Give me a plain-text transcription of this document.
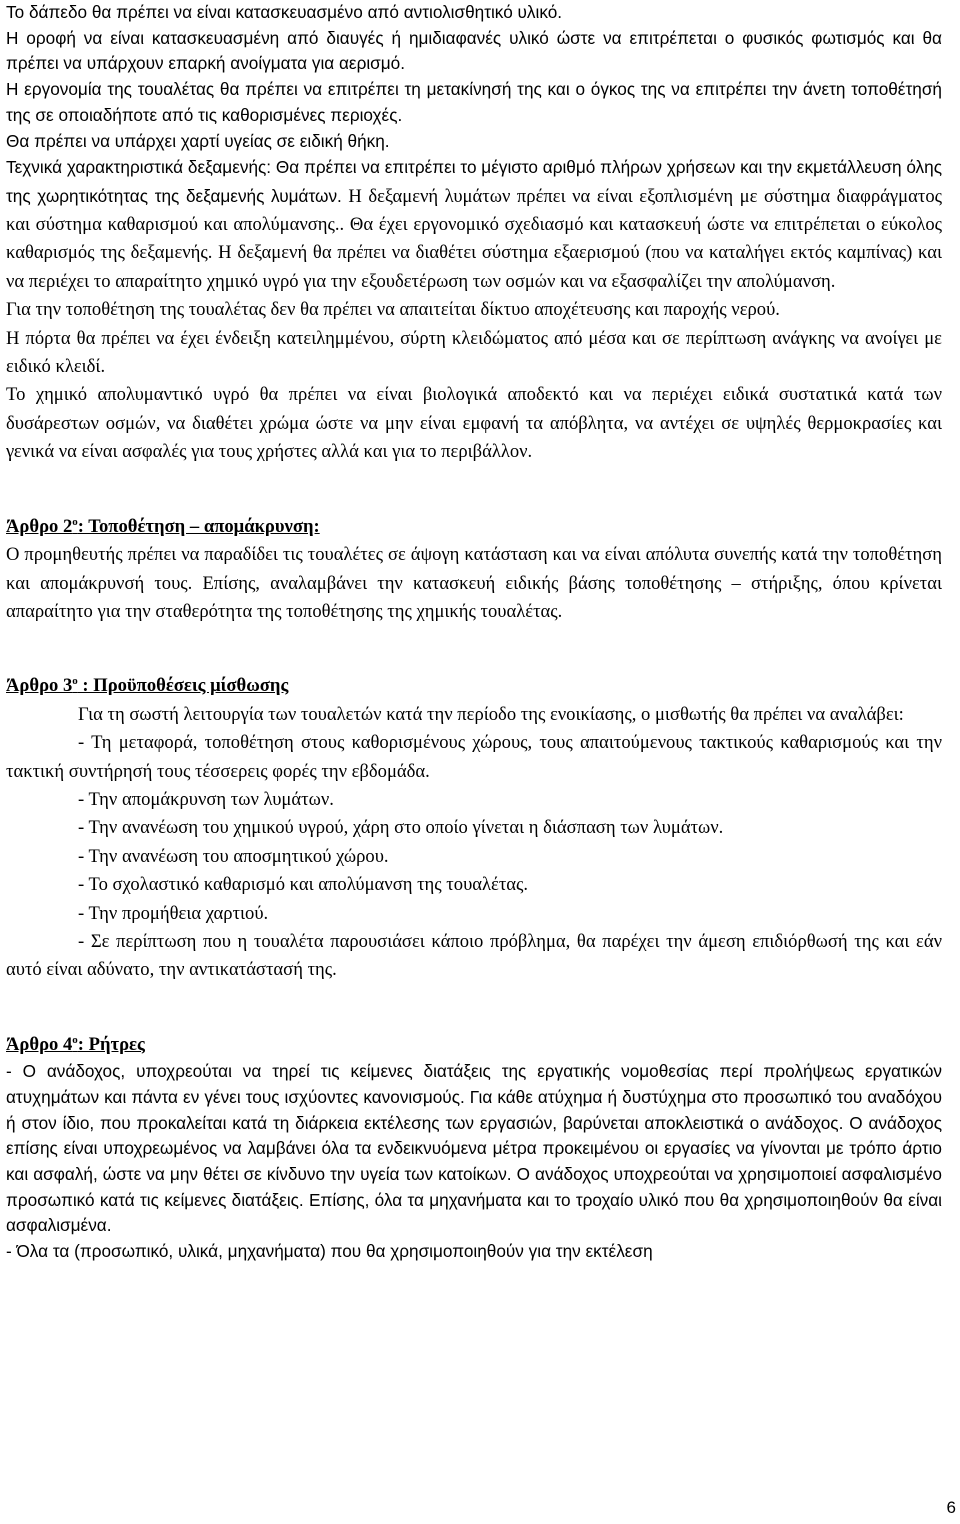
Το δάπεδο θα πρέπει να είναι κατασκευασμένο από αντιολισθητικό υλικό.

Η οροφή να είναι κατασκευασμένη από διαυγές ή ημιδιαφανές υλικό ώστε να επιτρέπεται ο φυσικός φωτισμός και θα πρέπει να υπάρχουν επαρκή ανοίγματα για αερισμό.

Η εργονομία της τουαλέτας θα πρέπει να επιτρέπει τη μετακίνησή της και ο όγκος της να επιτρέπει την άνετη τοποθέτησή της σε οποιαδήποτε από τις καθορισμένες περιοχές.

Θα πρέπει να υπάρχει χαρτί υγείας σε ειδική θήκη.

Τεχνικά χαρακτηριστικά δεξαμενής: Θα πρέπει να επιτρέπει το μέγιστο αριθμό πλήρων χρήσεων και την εκμετάλλευση όλης της χωρητικότητας της δεξαμενής λυμάτων. Η δεξαμενή λυμάτων πρέπει να είναι εξοπλισμένη με σύστημα διαφράγματος και σύστημα καθαρισμού και απολύμανσης.. Θα έχει εργονομικό σχεδιασμό και κατασκευή ώστε να επιτρέπεται ο εύκολος καθαρισμός της δεξαμενής. Η δεξαμενή θα πρέπει να διαθέτει σύστημα εξαερισμού (που να καταλήγει εκτός καμπίνας) και να περιέχει το απαραίτητο χημικό υγρό για την εξουδετέρωση των οσμών και να εξασφαλίζει την απολύμανση.

Για την τοποθέτηση της τουαλέτας δεν θα πρέπει να απαιτείται δίκτυο αποχέτευσης και παροχής νερού.

Η πόρτα θα πρέπει να έχει ένδειξη κατειλημμένου, σύρτη κλειδώματος από μέσα και σε περίπτωση ανάγκης να ανοίγει με ειδικό κλειδί.

Το χημικό απολυμαντικό υγρό θα πρέπει να είναι βιολογικά αποδεκτό και να περιέχει ειδικά συστατικά κατά των δυσάρεστων οσμών, να διαθέτει χρώμα ώστε να μην είναι εμφανή τα απόβλητα, να αντέχει σε υψηλές θερμοκρασίες και γενικά να είναι ασφαλές για τους χρήστες αλλά και για το περιβάλλον.

Άρθρο $2^o$: Τοποθέτηση – απομάκρυνση:

Ο προμηθευτής πρέπει να παραδίδει τις τουαλέτες σε άψογη κατάσταση και να είναι απόλυτα συνεπής κατά την τοποθέτηση και απομάκρυνσή τους. Επίσης, αναλαμβάνει την κατασκευή ειδικής βάσης τοποθέτησης – στήριξης, όπου κρίνεται απαραίτητο για την σταθερότητα της τοποθέτησης της χημικής τουαλέτας.

Άρθρο $3^o$ : Προϋποθέσεις μίσθωσης

Για τη σωστή λειτουργία των τουαλετών κατά την περίοδο της ενοικίασης, ο μισθωτής θα πρέπει να αναλάβει:

- Τη μεταφορά, τοποθέτηση στους καθορισμένους χώρους, τους απαιτούμενους τακτικούς καθαρισμούς και την τακτική συντήρησή τους τέσσερεις φορές την εβδομάδα.

- Την απομάκρυνση των λυμάτων.

- Την ανανέωση του χημικού υγρού, χάρη στο οποίο γίνεται η διάσπαση των λυμάτων.

- Την ανανέωση του αποσμητικού χώρου.

- Το σχολαστικό καθαρισμό και απολύμανση της τουαλέτας.

- Την προμήθεια χαρτιού.

- Σε περίπτωση που η τουαλέτα παρουσιάσει κάποιο πρόβλημα, θα παρέχει την άμεση επιδιόρθωσή της και εάν αυτό είναι αδύνατο, την αντικατάστασή της.

Άρθρο $4^o$: Ρήτρες

- Ο ανάδοχος, υποχρεούται να τηρεί τις κείμενες διατάξεις της εργατικής νομοθεσίας περί προλήψεως εργατικών ατυχημάτων και πάντα εν γένει τους ισχύοντες κανονισμούς. Για κάθε ατύχημα ή δυστύχημα στο προσωπικό του αναδόχου ή στον ίδιο, που προκαλείται κατά τη διάρκεια εκτέλεσης των εργασιών, βαρύνεται αποκλειστικά ο ανάδοχος. Ο ανάδοχος επίσης είναι υποχρεωμένος να λαμβάνει όλα τα ενδεικνυόμενα μέτρα προκειμένου οι εργασίες να γίνονται με τρόπο άρτιο και ασφαλή, ώστε να μην θέτει σε κίνδυνο την υγεία των κατοίκων. Ο ανάδοχος υποχρεούται να χρησιμοποιεί ασφαλισμένο προσωπικό κατά τις κείμενες διατάξεις. Επίσης, όλα τα μηχανήματα και το τροχαίο υλικό που θα χρησιμοποιηθούν θα είναι ασφαλισμένα.

- Όλα τα (προσωπικό, υλικά, μηχανήματα) που θα χρησιμοποιηθούν για την εκτέλεση

6
